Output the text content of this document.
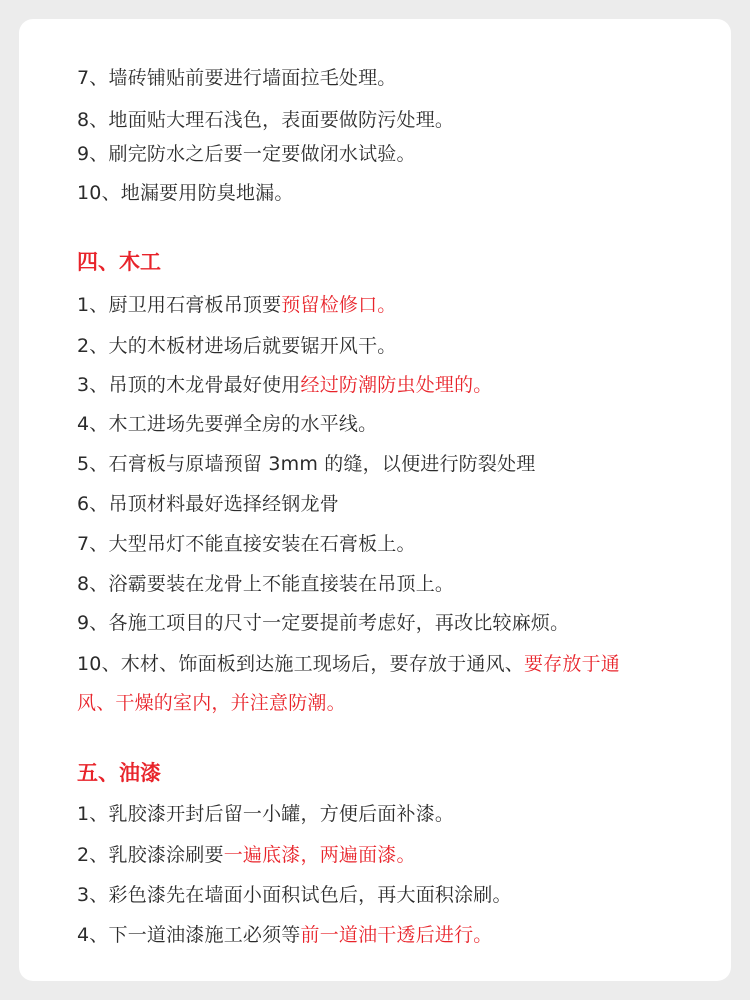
7、墙砖铺贴前要进行墙面拉毛处理。
8、地面贴大理石浅色，表面要做防污处理。
9、刷完防水之后要一定要做闭水试验。
10、地漏要用防臭地漏。
四、木工
1、厨卫用石膏板吊顶要预留检修口。
2、大的木板材进场后就要锯开风干。
3、吊顶的木龙骨最好使用经过防潮防虫处理的。
4、木工进场先要弹全房的水平线。
5、石膏板与原墙预留 3mm 的缝，以便进行防裂处理
6、吊顶材料最好选择经钢龙骨
7、大型吊灯不能直接安装在石膏板上。
8、浴霸要装在龙骨上不能直接装在吊顶上。
9、各施工项目的尺寸一定要提前考虑好，再改比较麻烦。
10、木材、饰面板到达施工现场后，要存放于通风、要存放于通
风、干燥的室内，并注意防潮。
五、油漆
1、乳胶漆开封后留一小罐，方便后面补漆。
2、乳胶漆涂刷要一遍底漆，两遍面漆。
3、彩色漆先在墙面小面积试色后，再大面积涂刷。
4、下一道油漆施工必须等前一道油干透后进行。
